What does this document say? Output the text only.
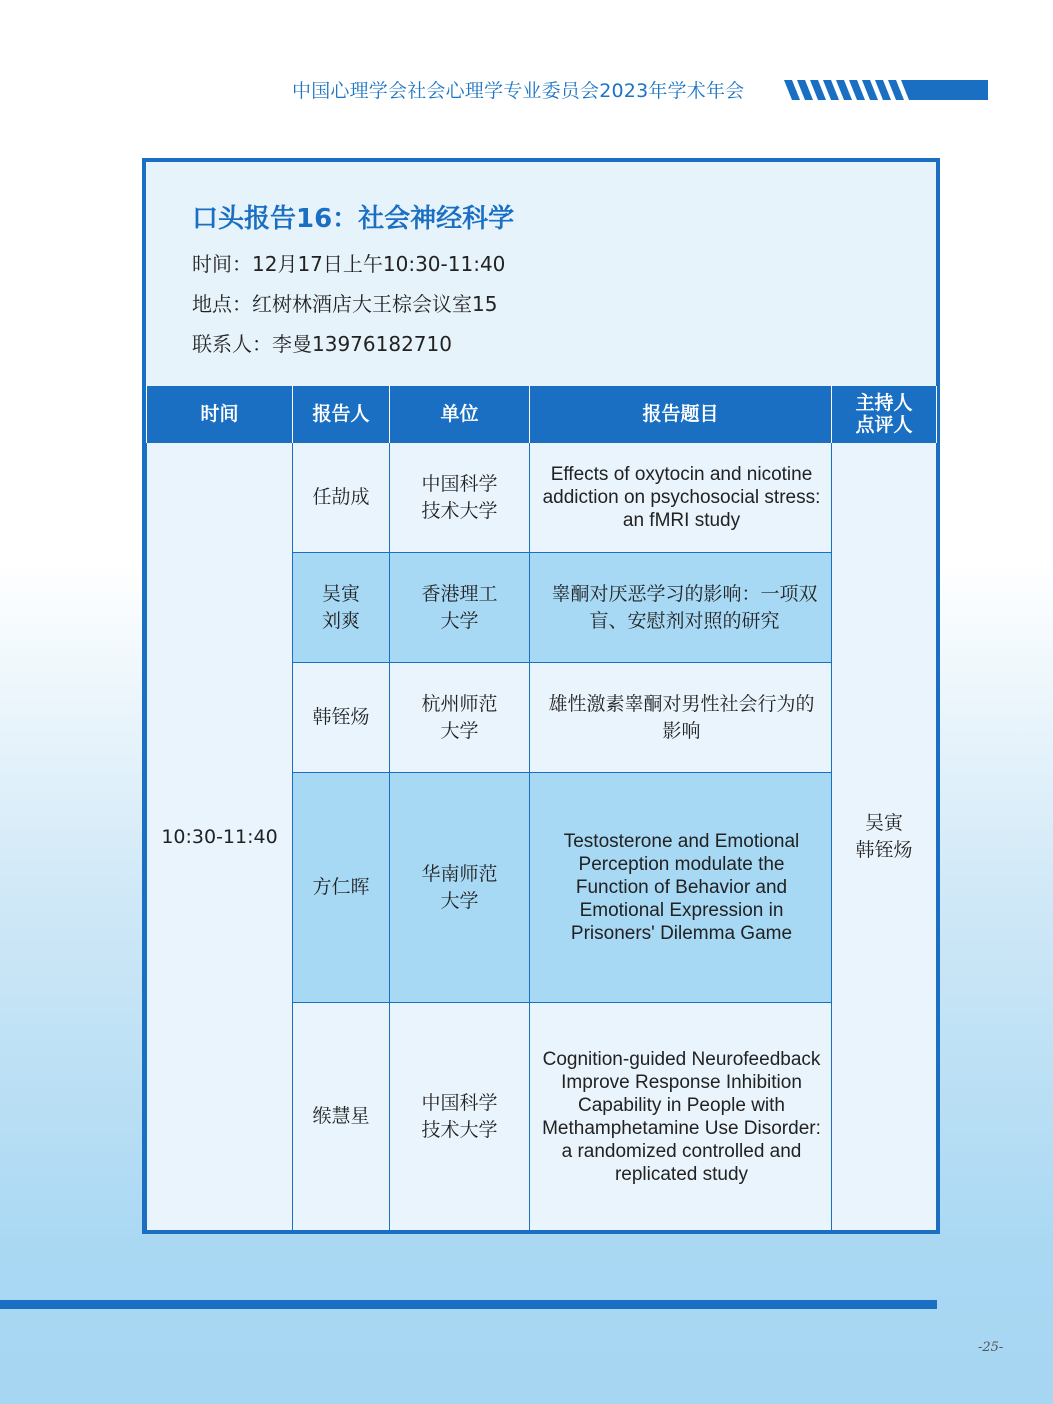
中国心理学会社会心理学专业委员会2023年学术年会
口头报告16：社会神经科学
时间：12月17日上午10:30-11:40
地点：红树林酒店大王棕会议室15
联系人：李曼13976182710
时间	报告人	单位	报告题目	主持人
点评人

10:30-11:40	任劼成	中国科学
技术大学	Effects of oxytocin and nicotine addiction on psychosocial stress: an fMRI study	吴寅
韩铚炀

	吴寅
刘爽	香港理工
大学	睾酮对厌恶学习的影响：一项双盲、安慰剂对照的研究	

	韩铚炀	杭州师范
大学	雄性激素睾酮对男性社会行为的影响	

	方仁晖	华南师范
大学	Testosterone and Emotional Perception modulate the Function of Behavior and Emotional Expression in Prisoners' Dilemma Game	

	缑慧星	中国科学
技术大学	Cognition-guided Neurofeedback Improve Response Inhibition Capability in People with Methamphetamine Use Disorder: a randomized controlled and replicated study	
-25-
